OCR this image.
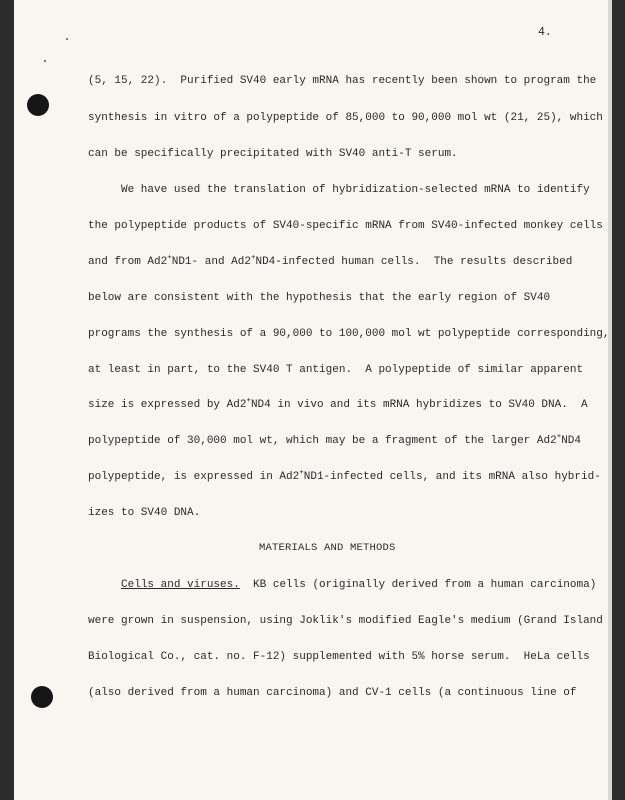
4.

(5, 15, 22).  Purified SV40 early mRNA has recently been shown to program the

synthesis in vitro of a polypeptide of 85,000 to 90,000 mol wt (21, 25), which

can be specifically precipitated with SV40 anti-T serum.

We have used the translation of hybridization-selected mRNA to identify

the polypeptide products of SV40-specific mRNA from SV40-infected monkey cells

and from Ad2+ND1- and Ad2+ND4-infected human cells.  The results described

below are consistent with the hypothesis that the early region of SV40

programs the synthesis of a 90,000 to 100,000 mol wt polypeptide corresponding,

at least in part, to the SV40 T antigen.  A polypeptide of similar apparent

size is expressed by Ad2+ND4 in vivo and its mRNA hybridizes to SV40 DNA.  A

polypeptide of 30,000 mol wt, which may be a fragment of the larger Ad2+ND4

polypeptide, is expressed in Ad2+ND1-infected cells, and its mRNA also hybrid-

izes to SV40 DNA.

MATERIALS AND METHODS

Cells and viruses.  KB cells (originally derived from a human carcinoma)

were grown in suspension, using Joklik's modified Eagle's medium (Grand Island

Biological Co., cat. no. F-12) supplemented with 5% horse serum.  HeLa cells

(also derived from a human carcinoma) and CV-1 cells (a continuous line of
